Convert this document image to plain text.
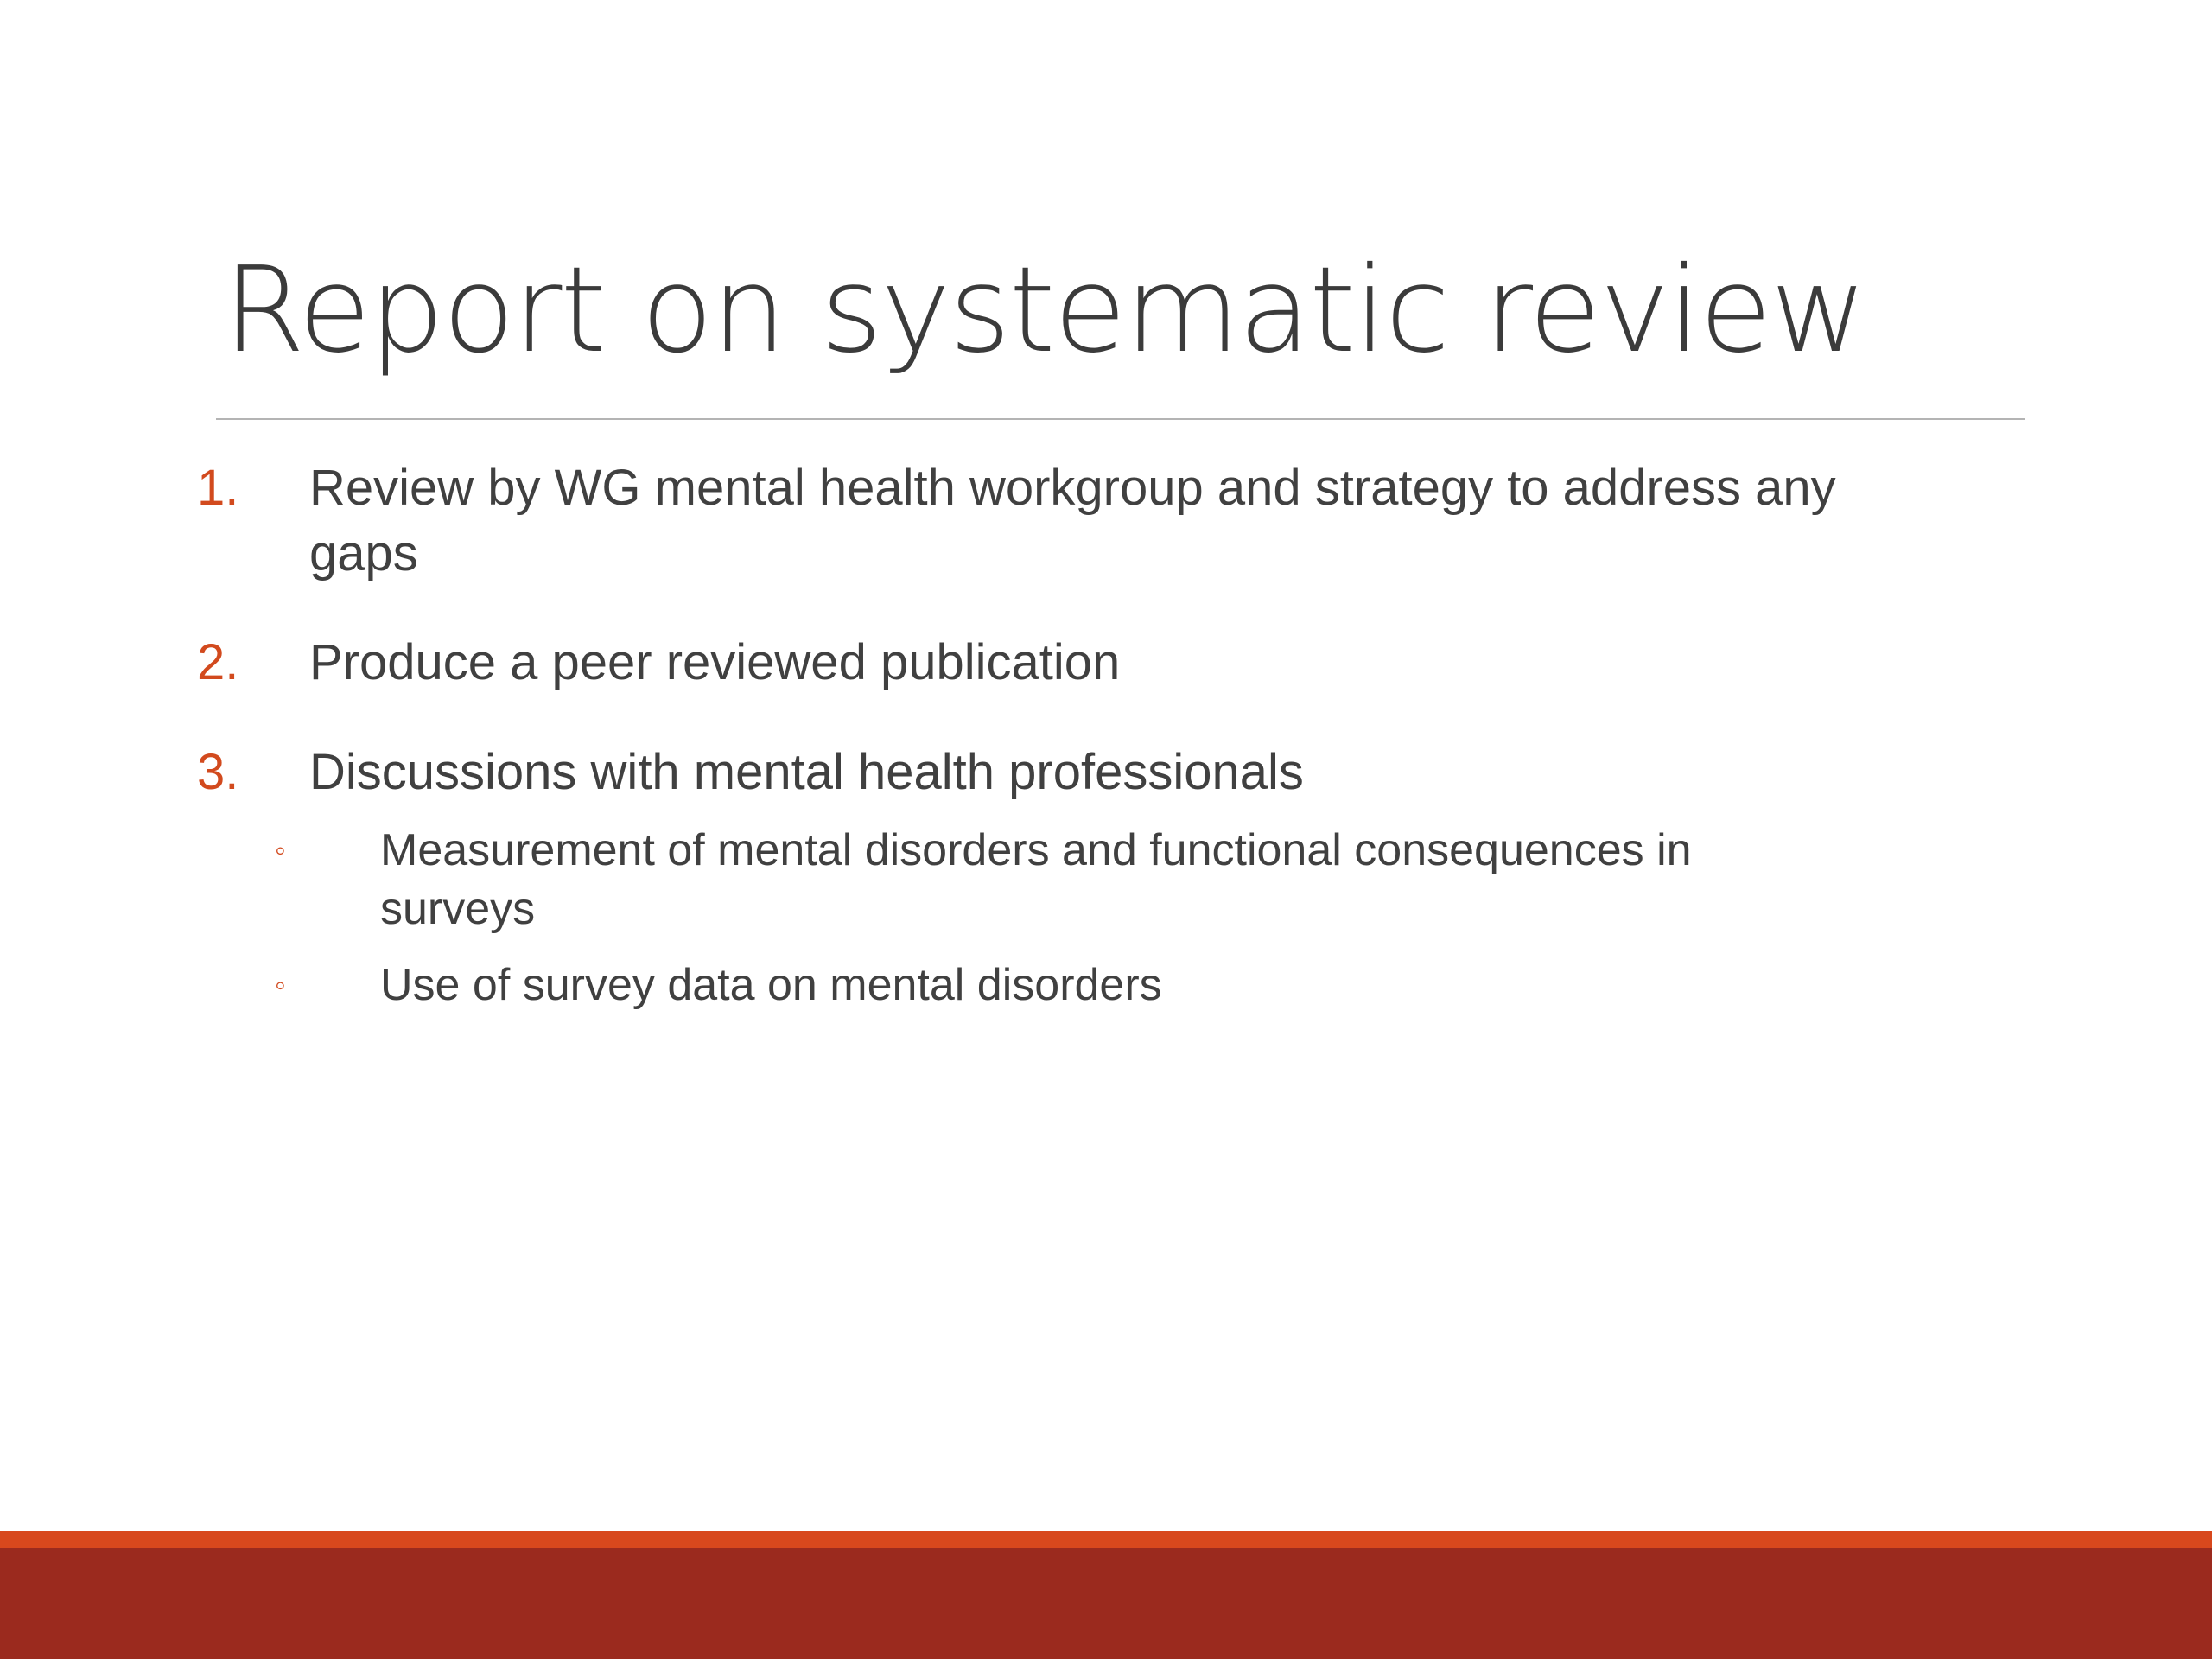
Report on systematic review
1. Review by WG mental health workgroup and strategy to address any
gaps
2. Produce a peer reviewed publication
3. Discussions with mental health professionals
◦ Measurement of mental disorders and functional consequences in
surveys
◦ Use of survey data on mental disorders
